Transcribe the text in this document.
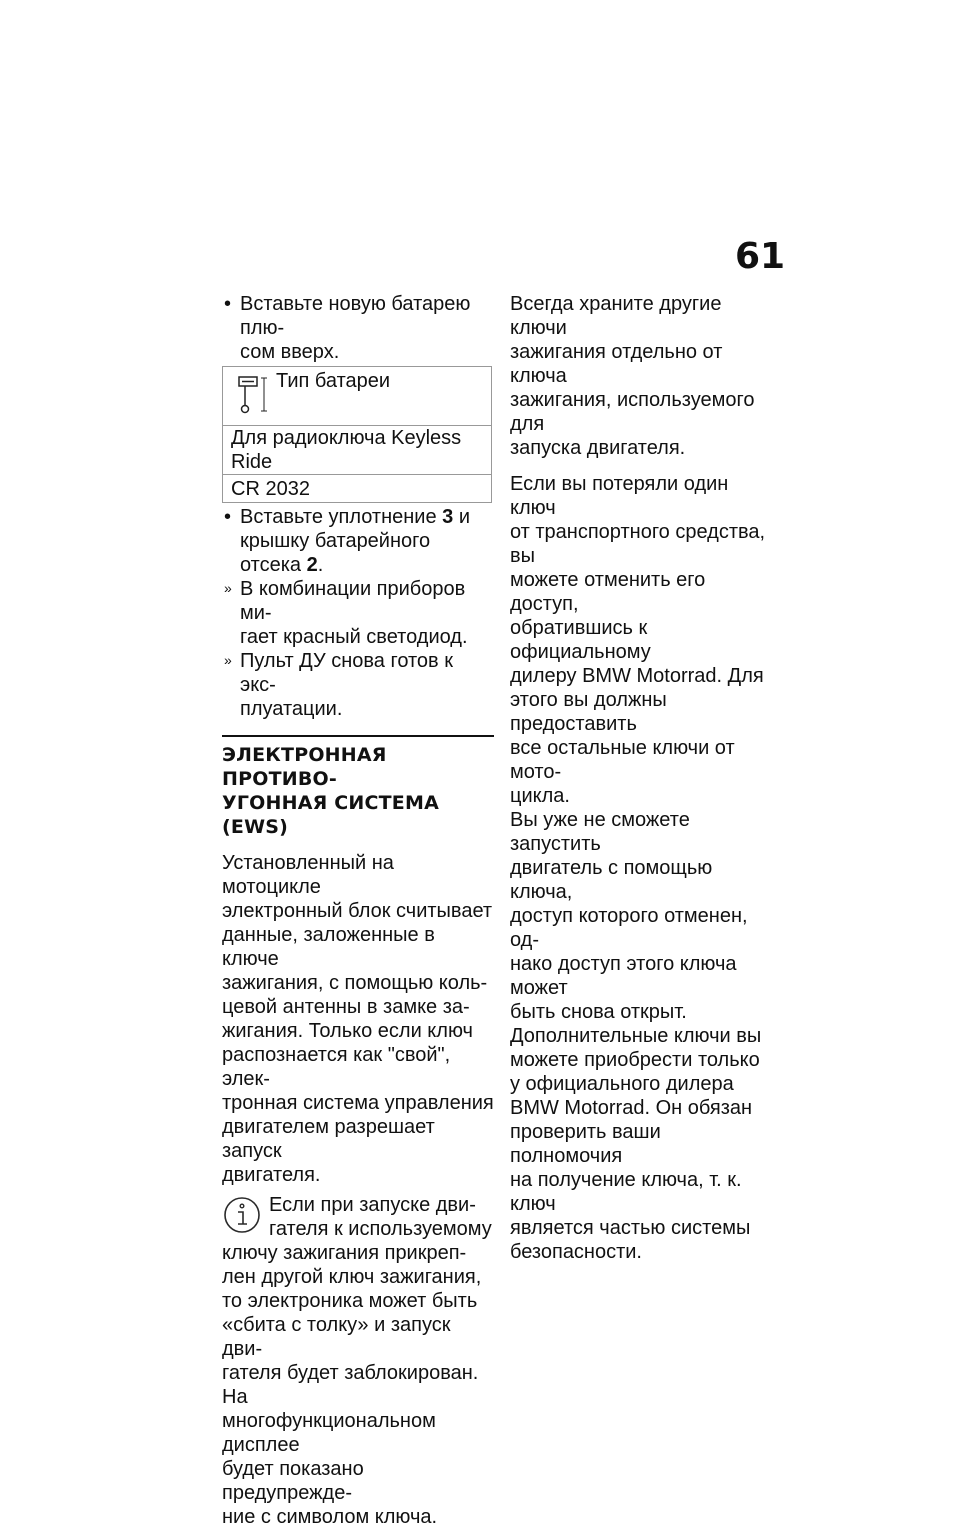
61

• Вставьте новую батарею плю-
сом вверх.

Тип батареи

Для радиоключа Keyless Ride
CR 2032

• Вставьте уплотнение 3 и
крышку батарейного отсека 2.

» В комбинации приборов ми-
гает красный светодиод.

» Пульт ДУ снова готов к экс-
плуатации.

ЭЛЕКТРОННАЯ ПРОТИВО-
УГОННАЯ СИСТЕМА (EWS)

Установленный на мотоцикле
электронный блок считывает
данные, заложенные в ключе
зажигания, с помощью коль-
цевой антенны в замке за-
жигания. Только если ключ
распознается как "свой", элек-
тронная система управления
двигателем разрешает запуск
двигателя.

Если при запуске дви-
гателя к используемому

ключу зажигания прикреп-
лен другой ключ зажигания,
то электроника может быть
«сбита с толку» и запуск дви-
гателя будет заблокирован. На
многофункциональном дисплее
будет показано предупрежде-
ние с символом ключа.

Всегда храните другие ключи
зажигания отдельно от ключа
зажигания, используемого для
запуска двигателя.

Если вы потеряли один ключ
от транспортного средства, вы
можете отменить его доступ,
обратившись к официальному
дилеру BMW Motorrad. Для
этого вы должны предоставить
все остальные ключи от мото-
цикла.

Вы уже не сможете запустить
двигатель с помощью ключа,
доступ которого отменен, од-
нако доступ этого ключа может
быть снова открыт.

Дополнительные ключи вы
можете приобрести только
у официального дилера
BMW Motorrad. Он обязан
проверить ваши полномочия
на получение ключа, т. к. ключ
является частью системы
безопасности.
